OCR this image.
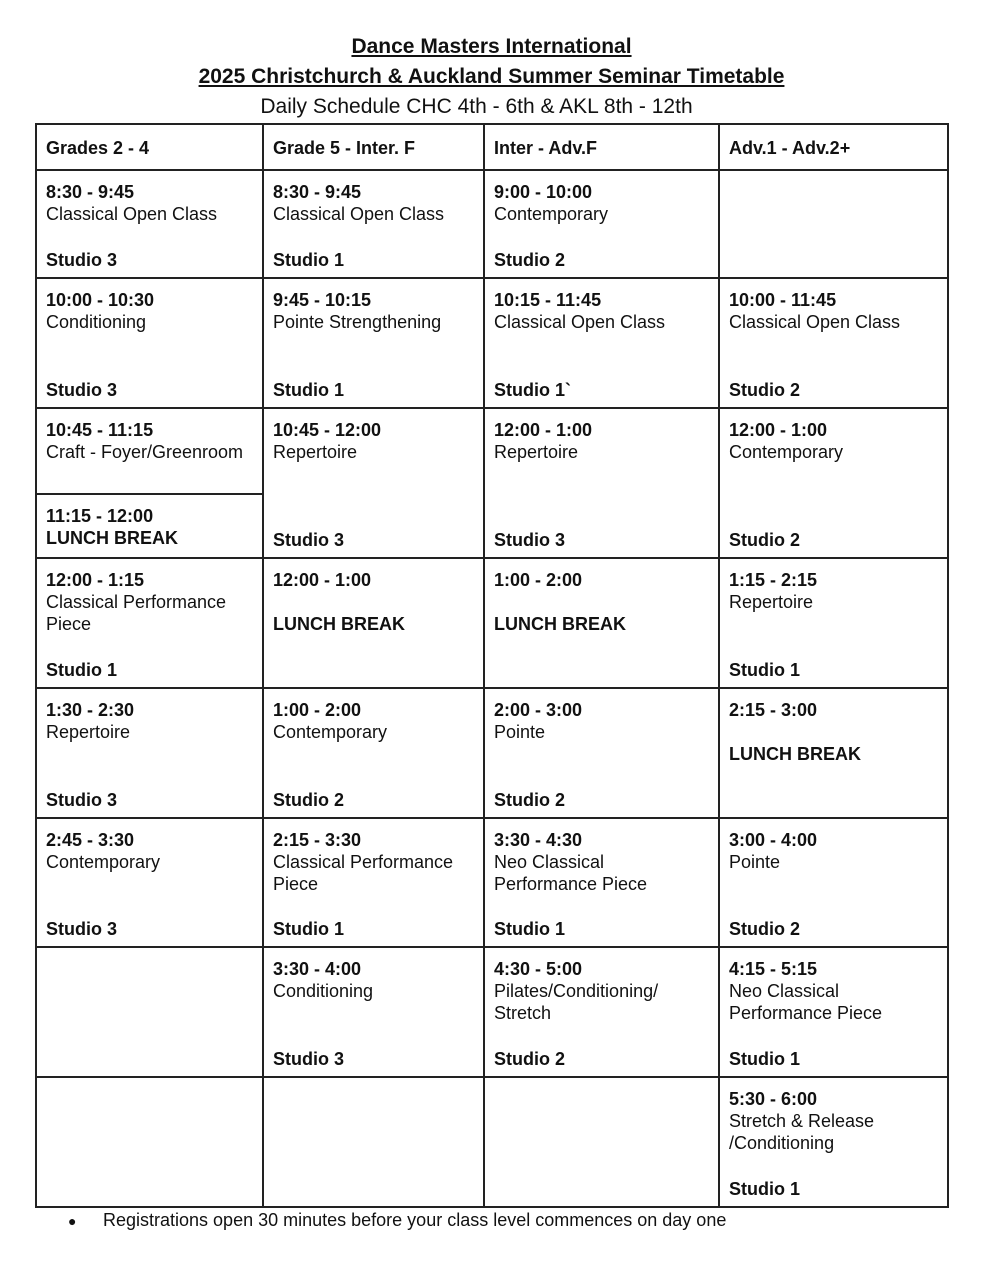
Dance Masters International
2025 Christchurch & Auckland Summer Seminar Timetable
Daily Schedule CHC 4th - 6th & AKL 8th - 12th
Grades 2 - 4	Grade 5 - Inter. F	Inter - Adv.F	Adv.1 - Adv.2+

8:30 - 9:45
Classical Open Class
Studio 3	8:30 - 9:45
Classical Open Class
Studio 1	9:00 - 10:00
Contemporary
Studio 2	

10:00 - 10:30
Conditioning
Studio 3	9:45 - 10:15
Pointe Strengthening
Studio 1	10:15 - 11:45
Classical Open Class
Studio 1`	10:00 - 11:45
Classical Open Class
Studio 2

10:45 - 11:15
Craft - Foyer/Greenroom	10:45 - 12:00
Repertoire
Studio 3	12:00 - 1:00
Repertoire
Studio 3	12:00 - 1:00
Contemporary
Studio 2

11:15 - 12:00
LUNCH BREAK			

12:00 - 1:15
Classical Performance Piece
Studio 1	12:00 - 1:00
LUNCH BREAK	1:00 - 2:00
LUNCH BREAK	1:15 - 2:15
Repertoire
Studio 1

1:30 - 2:30
Repertoire
Studio 3	1:00 - 2:00
Contemporary
Studio 2	2:00 - 3:00
Pointe
Studio 2	2:15 - 3:00
LUNCH BREAK

2:45 - 3:30
Contemporary
Studio 3	2:15 - 3:30
Classical Performance Piece
Studio 1	3:30 - 4:30
Neo Classical Performance Piece
Studio 1	3:00 - 4:00
Pointe
Studio 2

	3:30 - 4:00
Conditioning
Studio 3	4:30 - 5:00
Pilates/Conditioning/ Stretch
Studio 2	4:15 - 5:15
Neo Classical Performance Piece
Studio 1

			5:30 - 6:00
Stretch & Release /Conditioning
Studio 1
● Registrations open 30 minutes before your class level commences on day one
